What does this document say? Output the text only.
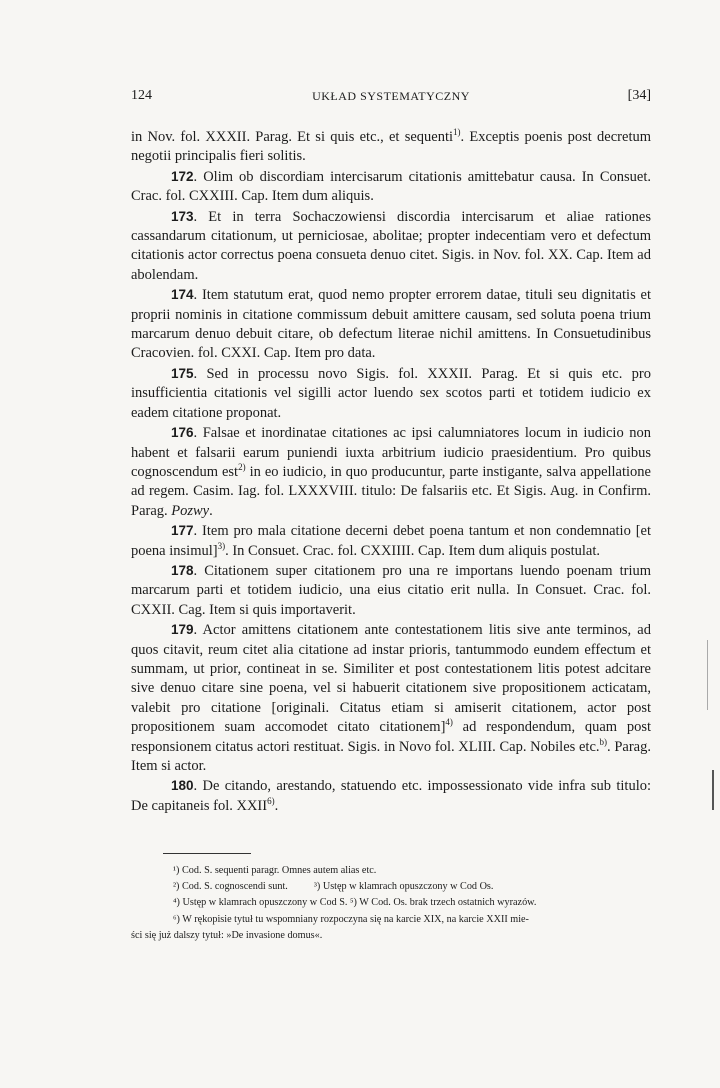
124	UKŁAD SYSTEMATYCZNY	[34]

in Nov. fol. XXXII. Parag. Et si quis etc., et sequenti$^{1)}$. Exceptis poenis post decretum negotii principalis fieri solitis.

172. Olim ob discordiam intercisarum citationis amittebatur causa. In Consuet. Crac. fol. CXXIII. Cap. Item dum aliquis.

173. Et in terra Sochaczowiensi discordia intercisarum et aliae rationes cassandarum citationum, ut perniciosae, abolitae; propter indecentiam vero et defectum citationis actor correctus poena consueta denuo citet. Sigis. in Nov. fol. XX. Cap. Item ad abolendam.

174. Item statutum erat, quod nemo propter errorem datae, tituli seu dignitatis et proprii nominis in citatione commissum debuit amittere causam, sed soluta poena trium marcarum denuo debuit citare, ob defectum literae nichil amittens. In Consuetudinibus Cracovien. fol. CXXI. Cap. Item pro data.

175. Sed in processu novo Sigis. fol. XXXII. Parag. Et si quis etc. pro insufficientia citationis vel sigilli actor luendo sex scotos parti et totidem iudicio ex eadem citatione proponat.

176. Falsae et inordinatae citationes ac ipsi calumniatores locum in iudicio non habent et falsarii earum puniendi iuxta arbitrium iudicio praesidentium. Pro quibus cognoscendum est$^{2)}$ in eo iudicio, in quo producuntur, parte instigante, salva appellatione ad regem. Casim. Iag. fol. LXXXVIII. titulo: De falsariis etc. Et Sigis. Aug. in Confirm. Parag. Pozwy.

177. Item pro mala citatione decerni debet poena tantum et non condemnatio [et poena insimul]$^{3)}$. In Consuet. Crac. fol. CXXIIII. Cap. Item dum aliquis postulat.

178. Citationem super citationem pro una re importans luendo poenam trium marcarum parti et totidem iudicio, una eius citatio erit nulla. In Consuet. Crac. fol. CXXII. Cag. Item si quis importaverit.

179. Actor amittens citationem ante contestationem litis sive ante terminos, ad quos citavit, reum citet alia citatione ad instar prioris, tantummodo eundem effectum et summam, ut prior, contineat in se. Similiter et post contestationem litis potest adcitare sive denuo citare sine poena, vel si habuerit citationem sive propositionem acticatam, valebit pro citatione [originali. Citatus etiam si amiserit citationem, actor post propositionem suam accomodet citato citationem]$^{4)}$ ad respondendum, quam post responsionem citatus actori restituat. Sigis. in Novo fol. XLIII. Cap. Nobiles etc.$^{b)}$. Parag. Item si actor.

180. De citando, arestando, statuendo etc. impossessionato vide infra sub titulo: De capitaneis fol. XXII$^{6)}$.

¹) Cod. S. sequenti paragr. Omnes autem alias etc.

²) Cod. S. cognoscendi sunt.	³) Ustęp w klamrach opuszczony w Cod Os.

⁴) Ustęp w klamrach opuszczony w Cod S. ⁵) W Cod. Os. brak trzech ostatnich wyrazów.

⁶) W rękopisie tytuł tu wspomniany rozpoczyna się na karcie XIX, na karcie XXII mie-

ści się już dalszy tytuł: »De invasione domus«.
